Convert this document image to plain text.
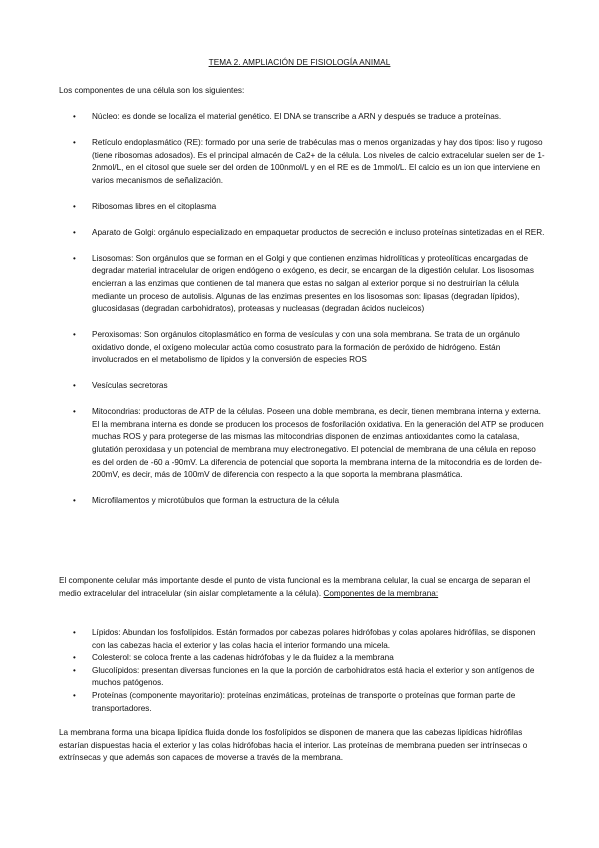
TEMA 2. AMPLIACIÓN DE FISIOLOGÍA ANIMAL
Los componentes de una célula son los siguientes:
• Núcleo: es donde se localiza el material genético. El DNA se transcribe a ARN y después se traduce a proteínas.
• Retículo endoplasmático (RE): formado por una serie de trabéculas mas o menos organizadas y hay dos tipos: liso y rugoso (tiene ribosomas adosados). Es el principal almacén de Ca2+ de la célula. Los niveles de calcio extracelular suelen ser de 1-2nmol/L, en el citosol que suele ser del orden de 100nmol/L y en el RE es de 1mmol/L. El calcio es un ion que interviene en varios mecanismos de señalización.
• Ribosomas libres en el citoplasma
• Aparato de Golgi: orgánulo especializado en empaquetar productos de secreción e incluso proteínas sintetizadas en el RER.
• Lisosomas: Son orgánulos que se forman en el Golgi y que contienen enzimas hidrolíticas y proteolíticas encargadas de degradar material intracelular de origen endógeno o exógeno, es decir, se encargan de la digestión celular. Los lisosomas encierran a las enzimas que contienen de tal manera que estas no salgan al exterior porque si no destruirían la célula mediante un proceso de autolisis. Algunas de las enzimas presentes en los lisosomas son: lipasas (degradan lípidos), glucosidasas (degradan carbohidratos), proteasas y nucleasas (degradan ácidos nucleicos)
• Peroxisomas: Son orgánulos citoplasmático en forma de vesículas y con una sola membrana. Se trata de un orgánulo oxidativo donde, el oxígeno molecular actúa como cosustrato para la formación de peróxido de hidrógeno. Están involucrados en el metabolismo de lípidos y la conversión de especies ROS
• Vesículas secretoras
• Mitocondrias: productoras de ATP de la células. Poseen una doble membrana, es decir, tienen membrana interna y externa. El la membrana interna es donde se producen los procesos de fosforilación oxidativa. En la generación del ATP se producen muchas ROS y para protegerse de las mismas las mitocondrias disponen de enzimas antioxidantes como la catalasa, glutatión peroxidasa y un potencial de membrana muy electronegativo. El potencial de membrana de una célula en reposo es del orden de -60 a -90mV. La diferencia de potencial que soporta la membrana interna de la mitocondria es de lorden de-200mV, es decir, más de 100mV de diferencia con respecto a la que soporta la membrana plasmática.
• Microfilamentos y microtúbulos que forman la estructura de la célula

El componente celular más importante desde el punto de vista funcional es la membrana celular, la cual se encarga de separan el medio extracelular del intracelular (sin aislar completamente a la célula). Componentes de la membrana:

• Lípidos: Abundan los fosfolípidos. Están formados por cabezas polares hidrófobas y colas apolares hidrófilas, se disponen con las cabezas hacia el exterior y las colas hacia el interior formando una micela.
• Colesterol: se coloca frente a las cadenas hidrófobas y le da fluidez a la membrana
• Glucolípidos: presentan diversas funciones en la que la porción de carbohidratos está hacia el exterior y son antígenos de muchos patógenos.
• Proteínas (componente mayoritario): proteínas enzimáticas, proteínas de transporte o proteínas que forman parte de transportadores.

La membrana forma una bicapa lipídica fluida donde los fosfolípidos se disponen de manera que las cabezas lipídicas hidrófilas estarían dispuestas hacia el exterior y las colas hidrófobas hacia el interior. Las proteínas de membrana pueden ser intrínsecas o extrínsecas y que además son capaces de moverse a través de la membrana.
